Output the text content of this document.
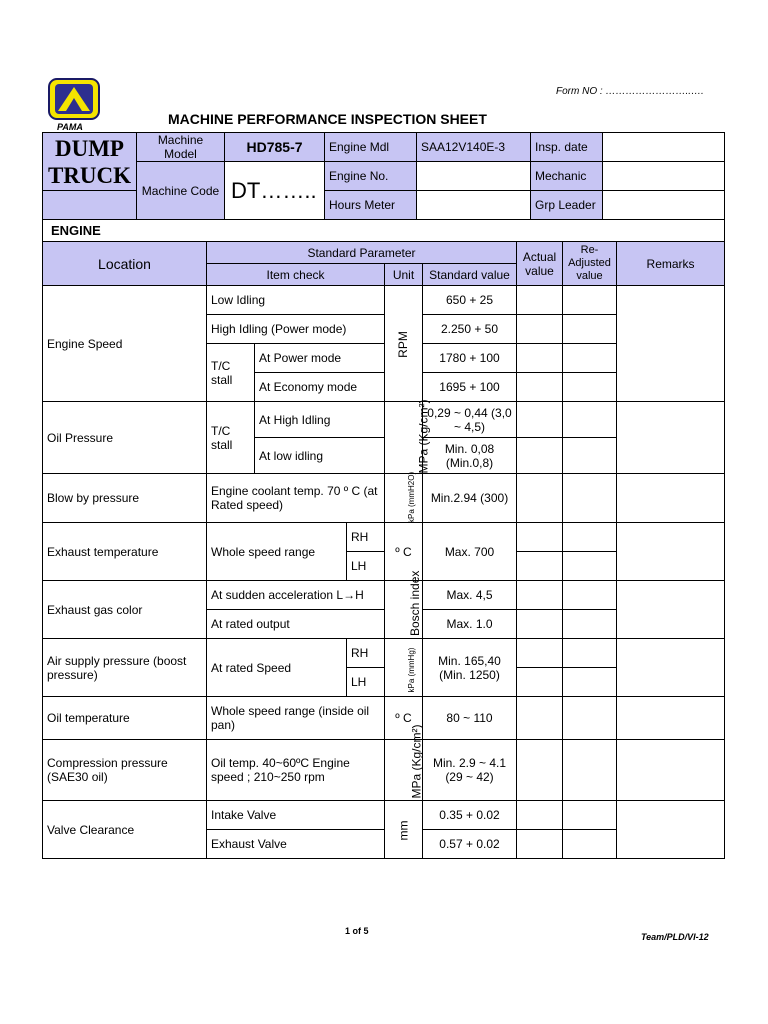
PAMA
Form NO : ……………………..….
MACHINE PERFORMANCE INSPECTION SHEET
DUMP
TRUCK	Machine Model	HD785-7	Engine Mdl	SAA12V140E-3	Insp. date	
	Machine Code	DT……..	Engine No.		Mechanic	
			Hours Meter		Grp Leader	
ENGINE								
Location	Standard Parameter					Actual value	Re-Adjusted value	Remarks
	Item check			Unit	Standard value			
Engine Speed	Low Idling			RPM	650 + 25			
	High Idling (Power mode)				2.250 + 50			
	T/C stall	At Power mode			1780 + 100			
		At Economy mode			1695 + 100			
Oil Pressure	T/C stall	At High Idling		MPa (Kg/cm²)	0,29 ~ 0,44 (3,0 ~ 4,5)			
		At low idling			Min. 0,08 (Min.0,8)			
Blow by pressure	Engine coolant temp. 70 º C (at Rated speed)			kPa (mmH2O)	Min.2.94 (300)			
Exhaust temperature	Whole speed range		RH	º C	Max. 700			
			LH					
Exhaust gas color	At sudden acceleration L→H			Bosch index	Max. 4,5			
	At rated output				Max. 1.0			
Air supply pressure (boost pressure)	At rated Speed		RH	kPa (mmHg)	Min. 165,40 (Min. 1250)			
			LH					
Oil temperature	Whole speed range (inside oil pan)			º C	80 ~ 110			
Compression pressure (SAE30 oil)	Oil temp. 40~60ºC Engine speed ; 210~250 rpm			MPa (Kg/cm²)	Min. 2.9 ~ 4.1 (29 ~ 42)			
Valve Clearance	Intake Valve			mm	0.35 + 0.02			
	Exhaust Valve				0.57 + 0.02			
1 of 5
Team/PLD/VI-12
